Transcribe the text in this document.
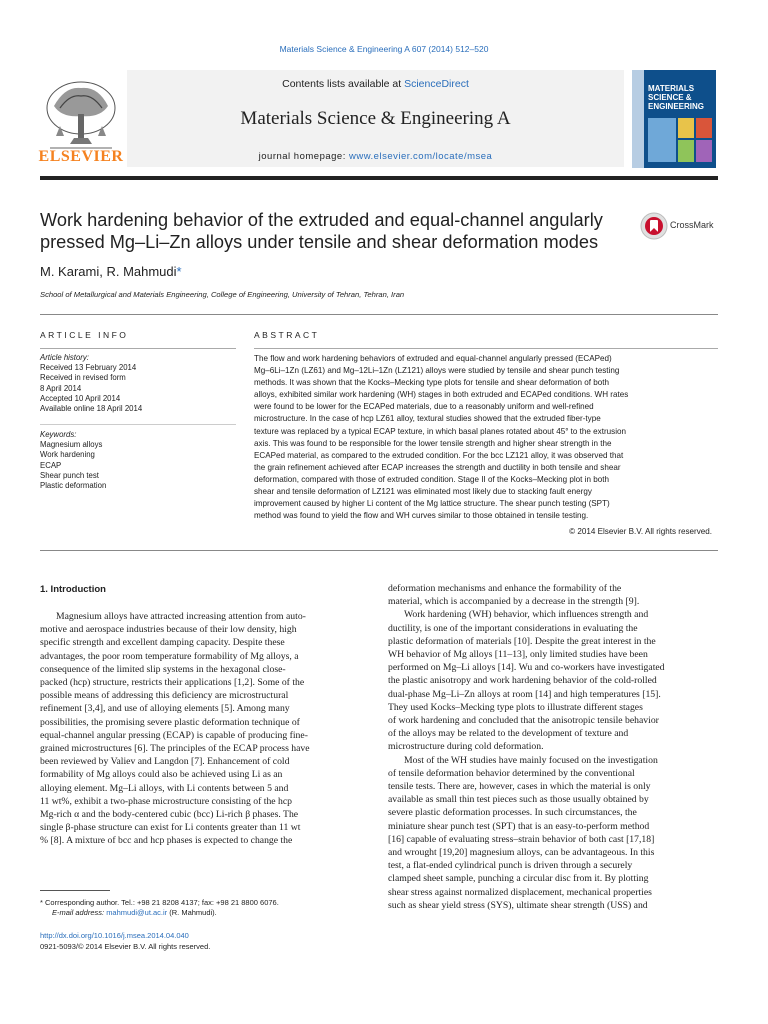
Materials Science & Engineering A 607 (2014) 512–520
ELSEVIER
Contents lists available at ScienceDirect
Materials Science & Engineering A
journal homepage: www.elsevier.com/locate/msea
MATERIALS
SCIENCE &
ENGINEERING
Work hardening behavior of the extruded and equal-channel angularly
pressed Mg–Li–Zn alloys under tensile and shear deformation modes
CrossMark
M. Karami, R. Mahmudi*
School of Metallurgical and Materials Engineering, College of Engineering, University of Tehran, Tehran, Iran
ARTICLE INFO
Article history:
Received 13 February 2014
Received in revised form
8 April 2014
Accepted 10 April 2014
Available online 18 April 2014
Keywords:
Magnesium alloys
Work hardening
ECAP
Shear punch test
Plastic deformation
ABSTRACT
The flow and work hardening behaviors of extruded and equal-channel angularly pressed (ECAPed)
Mg–6Li–1Zn (LZ61) and Mg–12Li–1Zn (LZ121) alloys were studied by tensile and shear punch testing
methods. It was shown that the Kocks–Mecking type plots for tensile and shear deformation of both
alloys, exhibited similar work hardening (WH) stages in both extruded and ECAPed conditions. WH rates
were found to be lower for the ECAPed materials, due to a reasonably uniform and well-refined
microstructure. In the case of hcp LZ61 alloy, textural studies showed that the extruded fiber-type
texture was replaced by a typical ECAP texture, in which basal planes rotated about 45° to the extrusion
axis. This was found to be responsible for the lower tensile strength and higher shear strength in the
ECAPed material, as compared to the extruded condition. For the bcc LZ121 alloy, it was observed that
the grain refinement achieved after ECAP increases the strength and ductility in both tensile and shear
deformation, compared with those of extruded condition. Stage II of the Kocks–Mecking plot in both
shear and tensile deformation of LZ121 was eliminated most likely due to stacking fault energy
improvement caused by higher Li content of the Mg lattice structure. The shear punch testing (SPT)
method was found to yield the flow and WH curves similar to those obtained in tensile testing.
© 2014 Elsevier B.V. All rights reserved.
1. Introduction
Magnesium alloys have attracted increasing attention from auto-
motive and aerospace industries because of their low density, high
specific strength and excellent damping capacity. Despite these
advantages, the poor room temperature formability of Mg alloys, a
consequence of the limited slip systems in the hexagonal close-
packed (hcp) structure, restricts their applications [1,2]. Some of the
possible means of addressing this deficiency are microstructural
refinement [3,4], and use of alloying elements [5]. Among many
possibilities, the promising severe plastic deformation technique of
equal-channel angular pressing (ECAP) is capable of producing fine-
grained microstructures [6]. The principles of the ECAP process have
been reviewed by Valiev and Langdon [7]. Enhancement of cold
formability of Mg alloys could also be achieved using Li as an
alloying element. Mg–Li alloys, with Li contents between 5 and
11 wt%, exhibit a two-phase microstructure consisting of the hcp
Mg-rich α and the body-centered cubic (bcc) Li-rich β phases. The
single β-phase structure can exist for Li contents greater than 11 wt
% [8]. A mixture of bcc and hcp phases is expected to change the
deformation mechanisms and enhance the formability of the
material, which is accompanied by a decrease in the strength [9].
Work hardening (WH) behavior, which influences strength and
ductility, is one of the important considerations in evaluating the
plastic deformation of materials [10]. Despite the great interest in the
WH behavior of Mg alloys [11–13], only limited studies have been
performed on Mg–Li alloys [14]. Wu and co-workers have investigated
the plastic anisotropy and work hardening behavior of the cold-rolled
dual-phase Mg–Li–Zn alloys at room [14] and high temperatures [15].
They used Kocks–Mecking type plots to illustrate different stages
of work hardening and concluded that the anisotropic tensile behavior
of the alloys may be related to the development of texture and
microstructure during cold deformation.
Most of the WH studies have mainly focused on the investigation
of tensile deformation behavior determined by the conventional
tensile tests. There are, however, cases in which the material is only
available as small thin test pieces such as those usually obtained by
severe plastic deformation processes. In such circumstances, the
miniature shear punch test (SPT) that is an easy-to-perform method
[16] capable of evaluating stress–strain behavior of both cast [17,18]
and wrought [19,20] magnesium alloys, can be advantageous. In this
test, a flat-ended cylindrical punch is driven through a securely
clamped sheet sample, punching a circular disc from it. By plotting
shear stress against normalized displacement, mechanical properties
such as shear yield stress (SYS), ultimate shear strength (USS) and
* Corresponding author. Tel.: +98 21 8208 4137; fax: +98 21 8800 6076.
E-mail address: mahmudi@ut.ac.ir (R. Mahmudi).
http://dx.doi.org/10.1016/j.msea.2014.04.040
0921-5093/© 2014 Elsevier B.V. All rights reserved.
